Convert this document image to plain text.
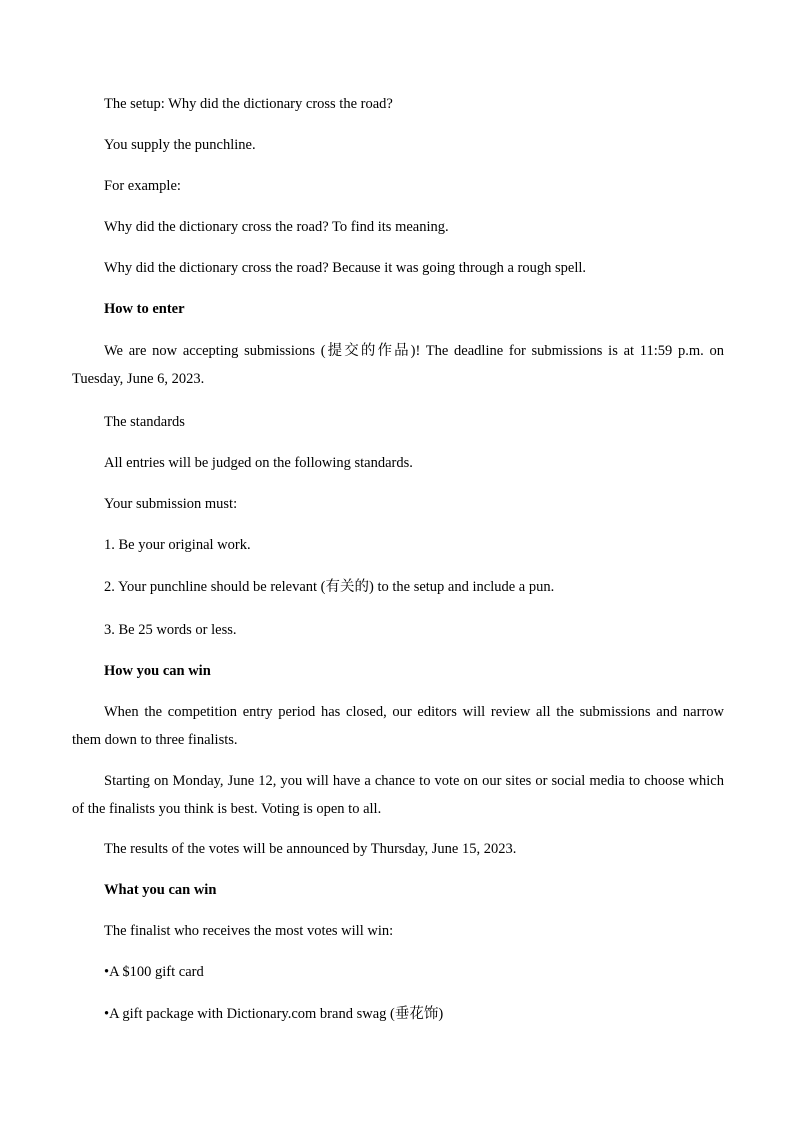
The setup: Why did the dictionary cross the road?
You supply the punchline.
For example:
Why did the dictionary cross the road? To find its meaning.
Why did the dictionary cross the road? Because it was going through a rough spell.
How to enter
We are now accepting submissions (提交的作品)! The deadline for submissions is at 11:59 p.m. on Tuesday, June 6, 2023.
The standards
All entries will be judged on the following standards.
Your submission must:
1. Be your original work.
2. Your punchline should be relevant (有关的) to the setup and include a pun.
3. Be 25 words or less.
How you can win
When the competition entry period has closed, our editors will review all the submissions and narrow them down to three finalists.
Starting on Monday, June 12, you will have a chance to vote on our sites or social media to choose which of the finalists you think is best. Voting is open to all.
The results of the votes will be announced by Thursday, June 15, 2023.
What you can win
The finalist who receives the most votes will win:
•A $100 gift card
•A gift package with Dictionary.com brand swag (垂花饰)
